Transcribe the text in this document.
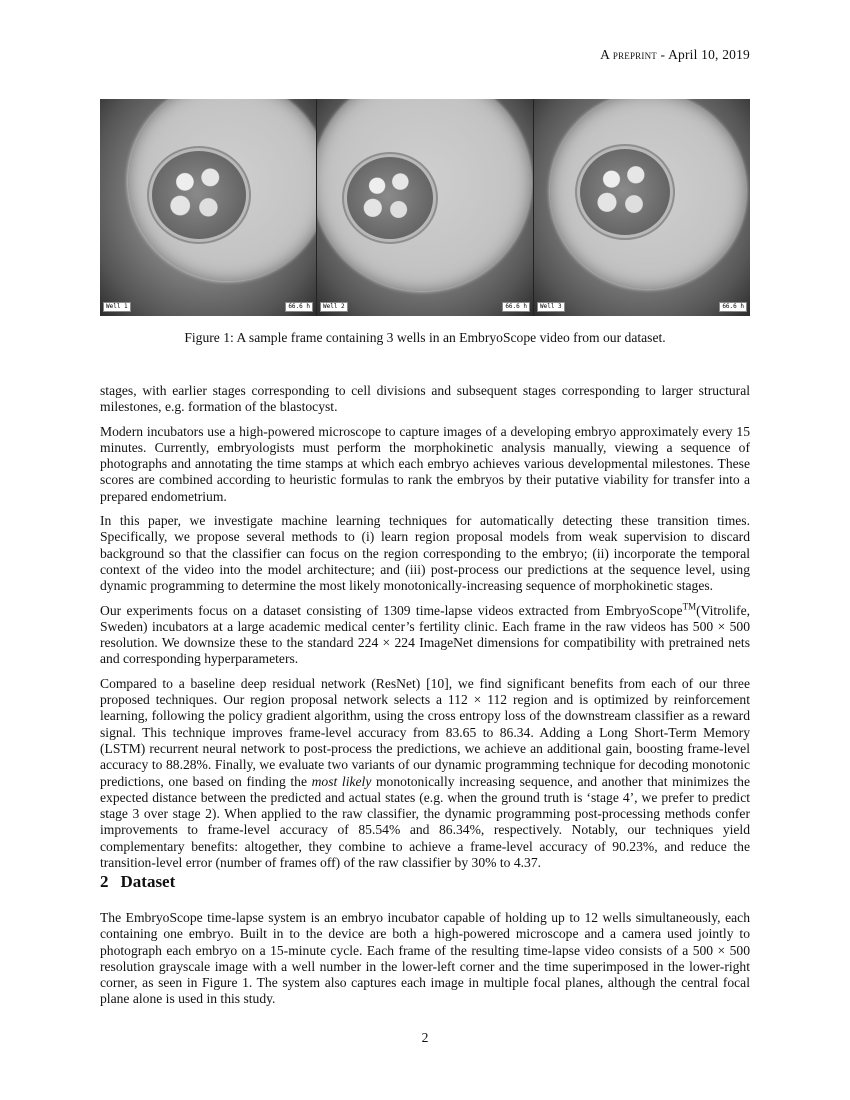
A preprint - April 10, 2019
Well 1	66.6 h	Well 2	66.6 h	Well 3	66.6 h
Figure 1: A sample frame containing 3 wells in an EmbryoScope video from our dataset.

stages, with earlier stages corresponding to cell divisions and subsequent stages corresponding to larger structural milestones, e.g. formation of the blastocyst.

Modern incubators use a high-powered microscope to capture images of a developing embryo approximately every 15 minutes. Currently, embryologists must perform the morphokinetic analysis manually, viewing a sequence of photographs and annotating the time stamps at which each embryo achieves various developmental milestones. These scores are combined according to heuristic formulas to rank the embryos by their putative viability for transfer into a prepared endometrium.

In this paper, we investigate machine learning techniques for automatically detecting these transition times. Specifically, we propose several methods to (i) learn region proposal models from weak supervision to discard background so that the classifier can focus on the region corresponding to the embryo; (ii) incorporate the temporal context of the video into the model architecture; and (iii) post-process our predictions at the sequence level, using dynamic programming to determine the most likely monotonically-increasing sequence of morphokinetic stages.

Our experiments focus on a dataset consisting of 1309 time-lapse videos extracted from EmbryoScope™(Vitrolife, Sweden) incubators at a large academic medical center’s fertility clinic. Each frame in the raw videos has 500 × 500 resolution. We downsize these to the standard 224 × 224 ImageNet dimensions for compatibility with pretrained nets and corresponding hyperparameters.

Compared to a baseline deep residual network (ResNet) [10], we find significant benefits from each of our three proposed techniques. Our region proposal network selects a 112 × 112 region and is optimized by reinforcement learning, following the policy gradient algorithm, using the cross entropy loss of the downstream classifier as a reward signal. This technique improves frame-level accuracy from 83.65 to 86.34. Adding a Long Short-Term Memory (LSTM) recurrent neural network to post-process the predictions, we achieve an additional gain, boosting frame-level accuracy to 88.28%. Finally, we evaluate two variants of our dynamic programming technique for decoding monotonic predictions, one based on finding the most likely monotonically increasing sequence, and another that minimizes the expected distance between the predicted and actual states (e.g. when the ground truth is ‘stage 4’, we prefer to predict stage 3 over stage 2). When applied to the raw classifier, the dynamic programming post-processing methods confer improvements to frame-level accuracy of 85.54% and 86.34%, respectively. Notably, our techniques yield complementary benefits: altogether, they combine to achieve a frame-level accuracy of 90.23%, and reduce the transition-level error (number of frames off) of the raw classifier by 30% to 4.37.

2 Dataset

The EmbryoScope time-lapse system is an embryo incubator capable of holding up to 12 wells simultaneously, each containing one embryo. Built in to the device are both a high-powered microscope and a camera used jointly to photograph each embryo on a 15-minute cycle. Each frame of the resulting time-lapse video consists of a 500 × 500 resolution grayscale image with a well number in the lower-left corner and the time superimposed in the lower-right corner, as seen in Figure 1. The system also captures each image in multiple focal planes, although the central focal plane alone is used in this study.

2
